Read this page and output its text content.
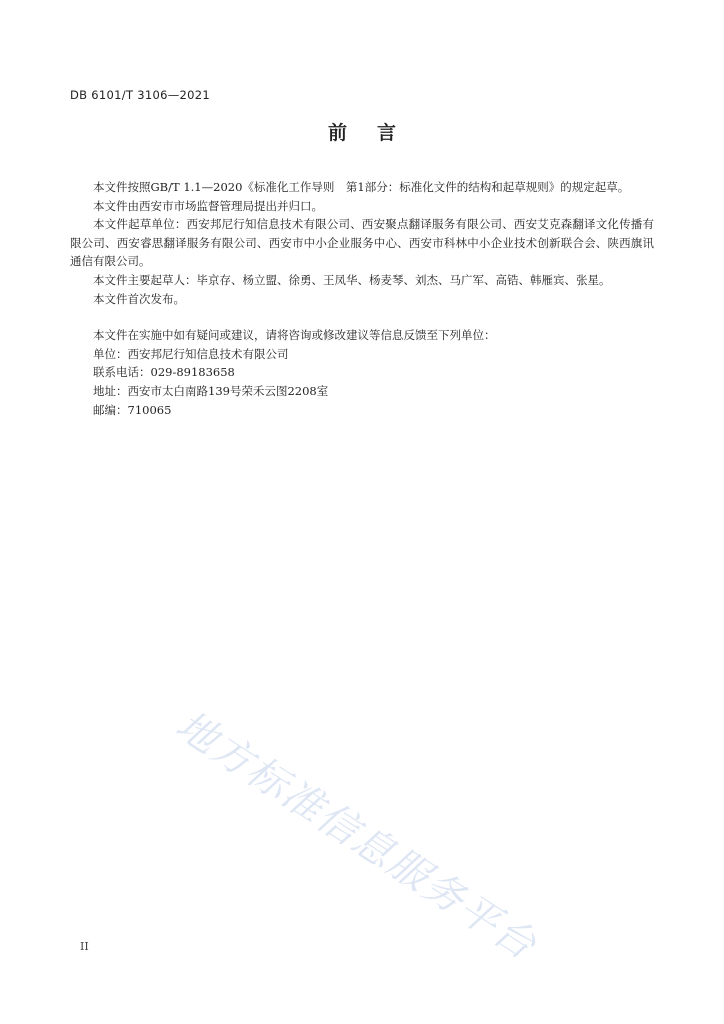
DB 6101/T 3106—2021
前言

本文件按照GB/T 1.1—2020《标准化工作导则　第1部分：标准化文件的结构和起草规则》的规定起草。

本文件由西安市市场监督管理局提出并归口。

本文件起草单位：西安邦尼行知信息技术有限公司、西安聚点翻译服务有限公司、西安艾克森翻译文化传播有限公司、西安睿思翻译服务有限公司、西安市中小企业服务中心、西安市科林中小企业技术创新联合会、陕西旗讯通信有限公司。

本文件主要起草人：毕京存、杨立盟、徐勇、王凤华、杨麦琴、刘杰、马广军、高锆、韩雁宾、张星。

本文件首次发布。

本文件在实施中如有疑问或建议，请将咨询或修改建议等信息反馈至下列单位：

单位：西安邦尼行知信息技术有限公司

联系电话：029-89183658

地址：西安市太白南路139号荣禾云图2208室

邮编：710065

地方标准信息服务平台
II
